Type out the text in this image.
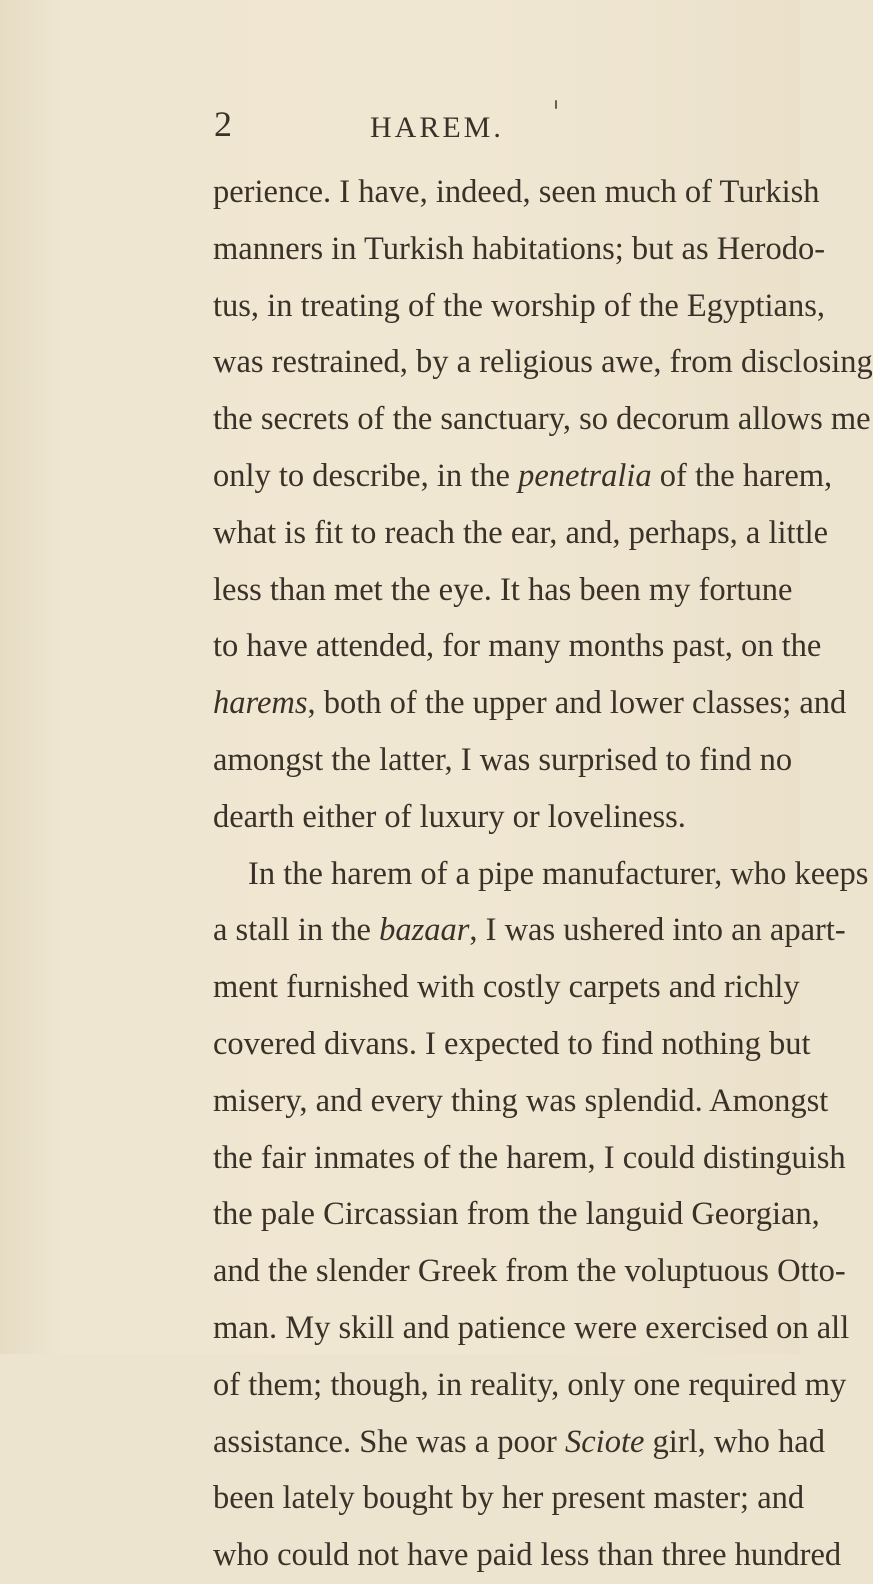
2	HAREM.
perience. I have, indeed, seen much of Turkish
manners in Turkish habitations; but as Herodo-
tus, in treating of the worship of the Egyptians,
was restrained, by a religious awe, from disclosing
the secrets of the sanctuary, so decorum allows me
only to describe, in the penetralia of the harem,
what is fit to reach the ear, and, perhaps, a little
less than met the eye. It has been my fortune
to have attended, for many months past, on the
harems, both of the upper and lower classes; and
amongst the latter, I was surprised to find no
dearth either of luxury or loveliness.
In the harem of a pipe manufacturer, who keeps
a stall in the bazaar, I was ushered into an apart-
ment furnished with costly carpets and richly
covered divans. I expected to find nothing but
misery, and every thing was splendid. Amongst
the fair inmates of the harem, I could distinguish
the pale Circassian from the languid Georgian,
and the slender Greek from the voluptuous Otto-
man. My skill and patience were exercised on all
of them; though, in reality, only one required my
assistance. She was a poor Sciote girl, who had
been lately bought by her present master; and
who could not have paid less than three hundred
